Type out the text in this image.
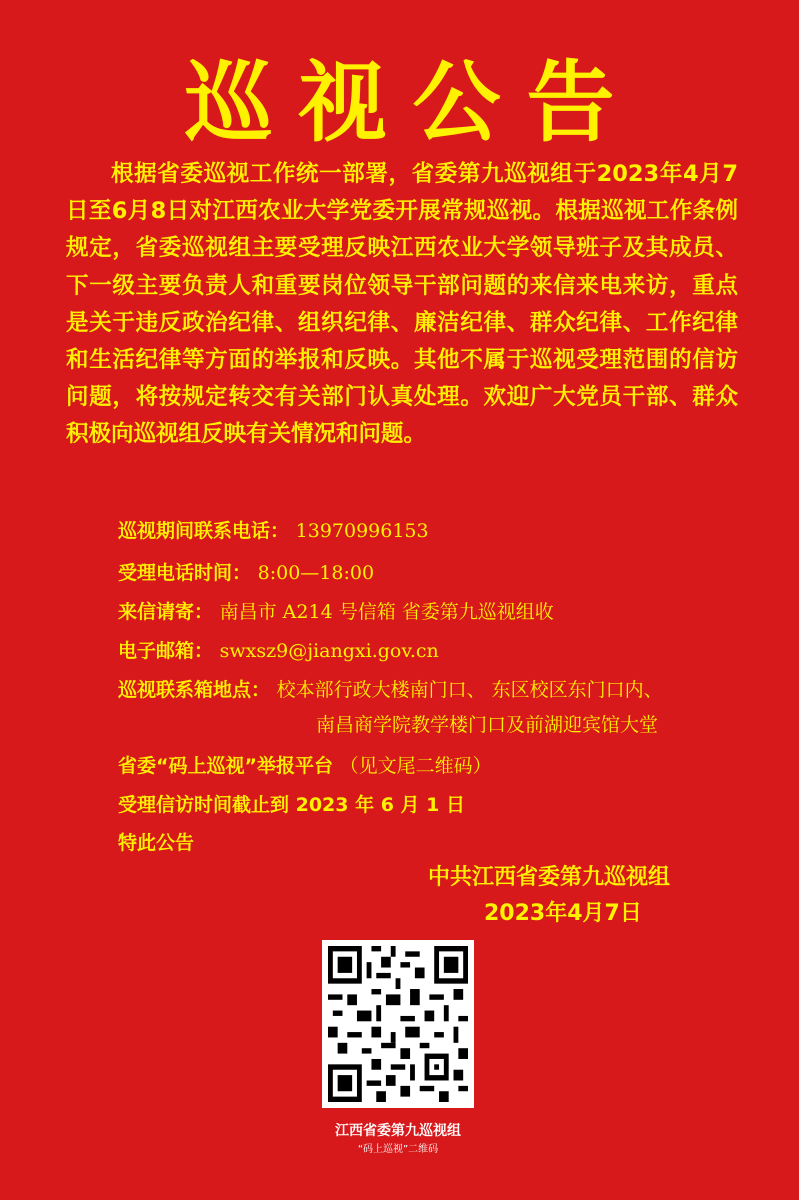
巡视公告
根据省委巡视工作统一部署，省委第九巡视组于2023年4月7日至6月8日对江西农业大学党委开展常规巡视。根据巡视工作条例规定，省委巡视组主要受理反映江西农业大学领导班子及其成员、下一级主要负责人和重要岗位领导干部问题的来信来电来访，重点是关于违反政治纪律、组织纪律、廉洁纪律、群众纪律、工作纪律和生活纪律等方面的举报和反映。其他不属于巡视受理范围的信访问题，将按规定转交有关部门认真处理。欢迎广大党员干部、群众积极向巡视组反映有关情况和问题。
巡视期间联系电话： 13970996153
受理电话时间： 8:00—18:00
来信请寄： 南昌市 A214 号信箱 省委第九巡视组收
电子邮箱： swxsz9@jiangxi.gov.cn
巡视联系箱地点： 校本部行政大楼南门口、 东区校区东门口内、
南昌商学院教学楼门口及前湖迎宾馆大堂
省委“码上巡视”举报平台 （见文尾二维码）
受理信访时间截止到 2023 年 6 月 1 日
特此公告
中共江西省委第九巡视组
2023年4月7日
江西省委第九巡视组
“码上巡视”二维码
